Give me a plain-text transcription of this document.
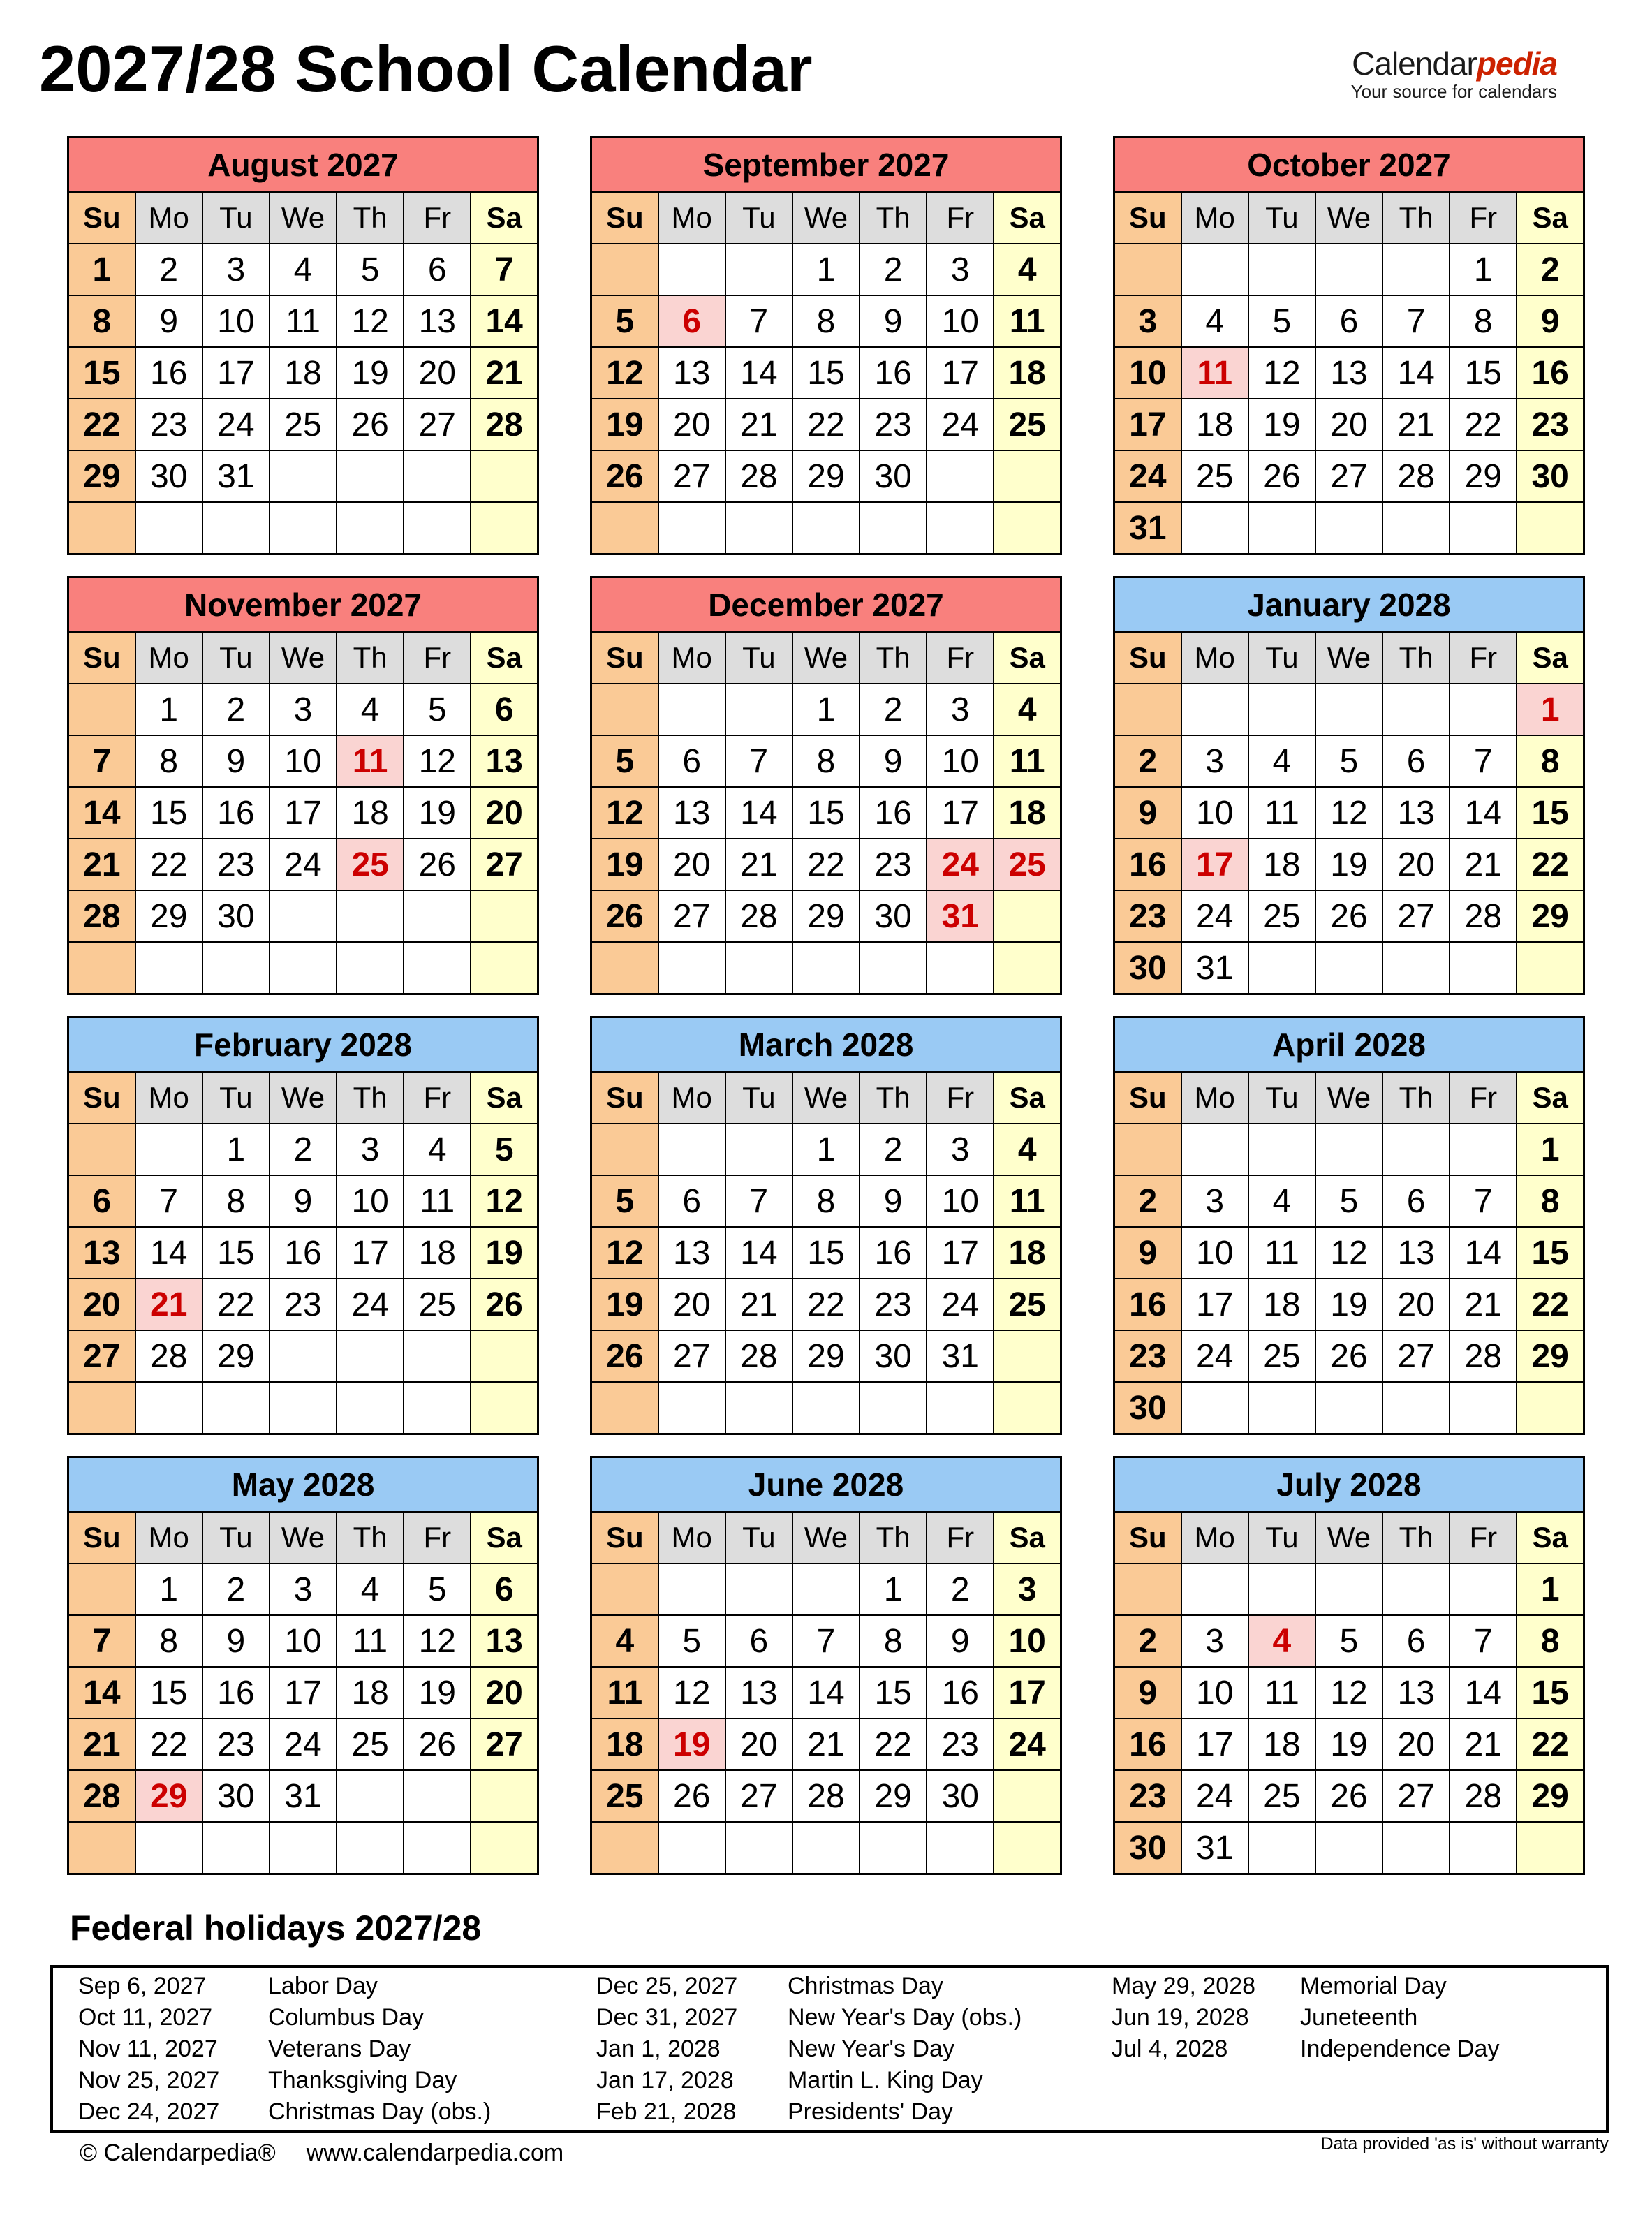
2027/28 School Calendar	Calendarpedia
Your source for calendars
August 2027						
Su	Mo	Tu	We	Th	Fr	Sa
1	2	3	4	5	6	7
8	9	10	11	12	13	14
15	16	17	18	19	20	21
22	23	24	25	26	27	28
29	30	31				

September 2027						
Su	Mo	Tu	We	Th	Fr	Sa
			1	2	3	4
5	6	7	8	9	10	11
12	13	14	15	16	17	18
19	20	21	22	23	24	25
26	27	28	29	30		

October 2027						
Su	Mo	Tu	We	Th	Fr	Sa
					1	2
3	4	5	6	7	8	9
10	11	12	13	14	15	16
17	18	19	20	21	22	23
24	25	26	27	28	29	30
31						
November 2027						
Su	Mo	Tu	We	Th	Fr	Sa
	1	2	3	4	5	6
7	8	9	10	11	12	13
14	15	16	17	18	19	20
21	22	23	24	25	26	27
28	29	30				

December 2027						
Su	Mo	Tu	We	Th	Fr	Sa
			1	2	3	4
5	6	7	8	9	10	11
12	13	14	15	16	17	18
19	20	21	22	23	24	25
26	27	28	29	30	31	

January 2028						
Su	Mo	Tu	We	Th	Fr	Sa
						1
2	3	4	5	6	7	8
9	10	11	12	13	14	15
16	17	18	19	20	21	22
23	24	25	26	27	28	29
30	31					
February 2028						
Su	Mo	Tu	We	Th	Fr	Sa
		1	2	3	4	5
6	7	8	9	10	11	12
13	14	15	16	17	18	19
20	21	22	23	24	25	26
27	28	29				

March 2028						
Su	Mo	Tu	We	Th	Fr	Sa
			1	2	3	4
5	6	7	8	9	10	11
12	13	14	15	16	17	18
19	20	21	22	23	24	25
26	27	28	29	30	31	

April 2028						
Su	Mo	Tu	We	Th	Fr	Sa
						1
2	3	4	5	6	7	8
9	10	11	12	13	14	15
16	17	18	19	20	21	22
23	24	25	26	27	28	29
30						
May 2028						
Su	Mo	Tu	We	Th	Fr	Sa
	1	2	3	4	5	6
7	8	9	10	11	12	13
14	15	16	17	18	19	20
21	22	23	24	25	26	27
28	29	30	31			

June 2028						
Su	Mo	Tu	We	Th	Fr	Sa
				1	2	3
4	5	6	7	8	9	10
11	12	13	14	15	16	17
18	19	20	21	22	23	24
25	26	27	28	29	30	

July 2028						
Su	Mo	Tu	We	Th	Fr	Sa
						1
2	3	4	5	6	7	8
9	10	11	12	13	14	15
16	17	18	19	20	21	22
23	24	25	26	27	28	29
30	31					
Federal holidays 2027/28
Sep 6, 2027	Labor Day	Dec 25, 2027	Christmas Day	May 29, 2028	Memorial Day
Oct 11, 2027	Columbus Day	Dec 31, 2027	New Year's Day (obs.)	Jun 19, 2028	Juneteenth
Nov 11, 2027	Veterans Day	Jan 1, 2028	New Year's Day	Jul 4, 2028	Independence Day
Nov 25, 2027	Thanksgiving Day	Jan 17, 2028	Martin L. King Day
Dec 24, 2027	Christmas Day (obs.)	Feb 21, 2028	Presidents' Day
© Calendarpedia® www.calendarpedia.com	Data provided 'as is' without warranty
